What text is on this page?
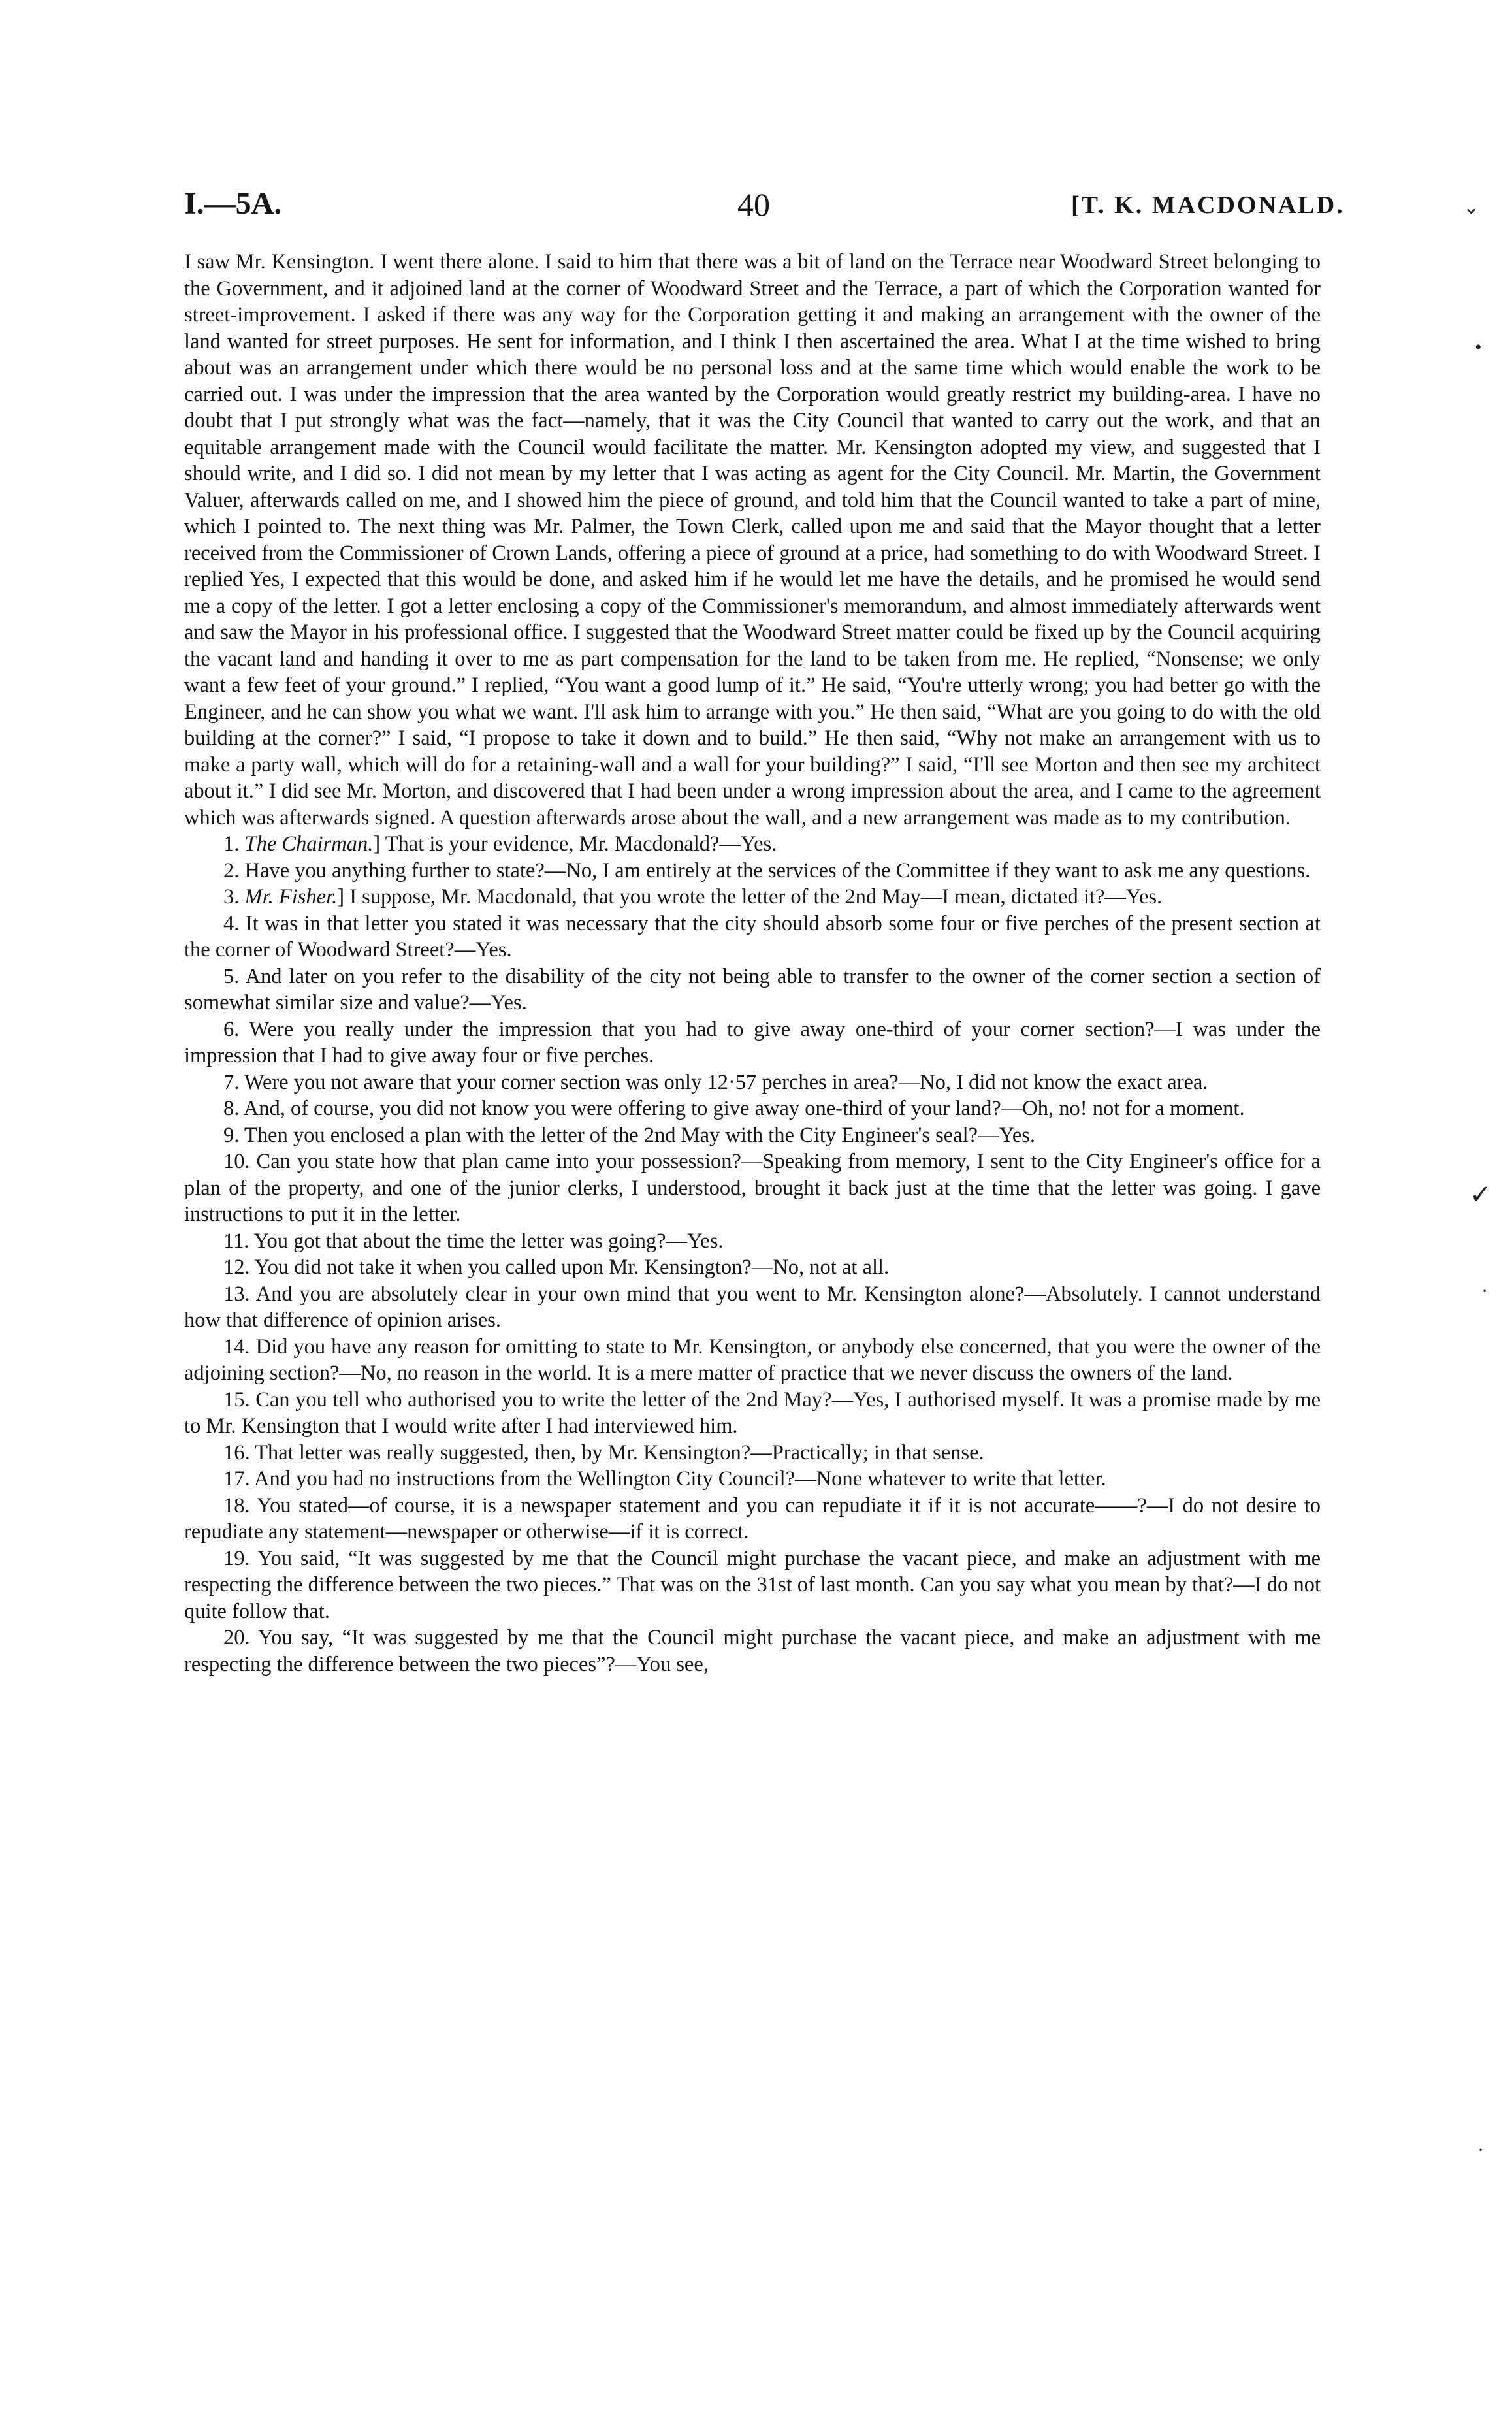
I.—5A.	40	[T. K. MACDONALD.

I saw Mr. Kensington. I went there alone. I said to him that there was a bit of land on the Terrace near Woodward Street belonging to the Government, and it adjoined land at the corner of Woodward Street and the Terrace, a part of which the Corporation wanted for street-improvement. I asked if there was any way for the Corporation getting it and making an arrangement with the owner of the land wanted for street purposes. He sent for information, and I think I then ascertained the area. What I at the time wished to bring about was an arrangement under which there would be no personal loss and at the same time which would enable the work to be carried out. I was under the impression that the area wanted by the Corporation would greatly restrict my building-area. I have no doubt that I put strongly what was the fact—namely, that it was the City Council that wanted to carry out the work, and that an equitable arrangement made with the Council would facilitate the matter. Mr. Kensington adopted my view, and suggested that I should write, and I did so. I did not mean by my letter that I was acting as agent for the City Council. Mr. Martin, the Government Valuer, afterwards called on me, and I showed him the piece of ground, and told him that the Council wanted to take a part of mine, which I pointed to. The next thing was Mr. Palmer, the Town Clerk, called upon me and said that the Mayor thought that a letter received from the Commissioner of Crown Lands, offering a piece of ground at a price, had something to do with Woodward Street. I replied Yes, I expected that this would be done, and asked him if he would let me have the details, and he promised he would send me a copy of the letter. I got a letter enclosing a copy of the Commissioner's memorandum, and almost immediately afterwards went and saw the Mayor in his professional office. I suggested that the Woodward Street matter could be fixed up by the Council acquiring the vacant land and handing it over to me as part compensation for the land to be taken from me. He replied, “Nonsense; we only want a few feet of your ground.” I replied, “You want a good lump of it.” He said, “You're utterly wrong; you had better go with the Engineer, and he can show you what we want. I'll ask him to arrange with you.” He then said, “What are you going to do with the old building at the corner?” I said, “I propose to take it down and to build.” He then said, “Why not make an arrangement with us to make a party wall, which will do for a retaining-wall and a wall for your building?” I said, “I'll see Morton and then see my architect about it.” I did see Mr. Morton, and discovered that I had been under a wrong impression about the area, and I came to the agreement which was afterwards signed. A question afterwards arose about the wall, and a new arrangement was made as to my contribution.

1. The Chairman.] That is your evidence, Mr. Macdonald?—Yes.

2. Have you anything further to state?—No, I am entirely at the services of the Committee if they want to ask me any questions.

3. Mr. Fisher.] I suppose, Mr. Macdonald, that you wrote the letter of the 2nd May—I mean, dictated it?—Yes.

4. It was in that letter you stated it was necessary that the city should absorb some four or five perches of the present section at the corner of Woodward Street?—Yes.

5. And later on you refer to the disability of the city not being able to transfer to the owner of the corner section a section of somewhat similar size and value?—Yes.

6. Were you really under the impression that you had to give away one-third of your corner section?—I was under the impression that I had to give away four or five perches.

7. Were you not aware that your corner section was only 12·57 perches in area?—No, I did not know the exact area.

8. And, of course, you did not know you were offering to give away one-third of your land?—Oh, no! not for a moment.

9. Then you enclosed a plan with the letter of the 2nd May with the City Engineer's seal?—Yes.

10. Can you state how that plan came into your possession?—Speaking from memory, I sent to the City Engineer's office for a plan of the property, and one of the junior clerks, I understood, brought it back just at the time that the letter was going. I gave instructions to put it in the letter.

11. You got that about the time the letter was going?—Yes.

12. You did not take it when you called upon Mr. Kensington?—No, not at all.

13. And you are absolutely clear in your own mind that you went to Mr. Kensington alone?—Absolutely. I cannot understand how that difference of opinion arises.

14. Did you have any reason for omitting to state to Mr. Kensington, or anybody else concerned, that you were the owner of the adjoining section?—No, no reason in the world. It is a mere matter of practice that we never discuss the owners of the land.

15. Can you tell who authorised you to write the letter of the 2nd May?—Yes, I authorised myself. It was a promise made by me to Mr. Kensington that I would write after I had interviewed him.

16. That letter was really suggested, then, by Mr. Kensington?—Practically; in that sense.

17. And you had no instructions from the Wellington City Council?—None whatever to write that letter.

18. You stated—of course, it is a newspaper statement and you can repudiate it if it is not accurate——?—I do not desire to repudiate any statement—newspaper or otherwise—if it is correct.

19. You said, “It was suggested by me that the Council might purchase the vacant piece, and make an adjustment with me respecting the difference between the two pieces.” That was on the 31st of last month. Can you say what you mean by that?—I do not quite follow that.

20. You say, “It was suggested by me that the Council might purchase the vacant piece, and make an adjustment with me respecting the difference between the two pieces”?—You see,

⌄
•
✓
·
·
